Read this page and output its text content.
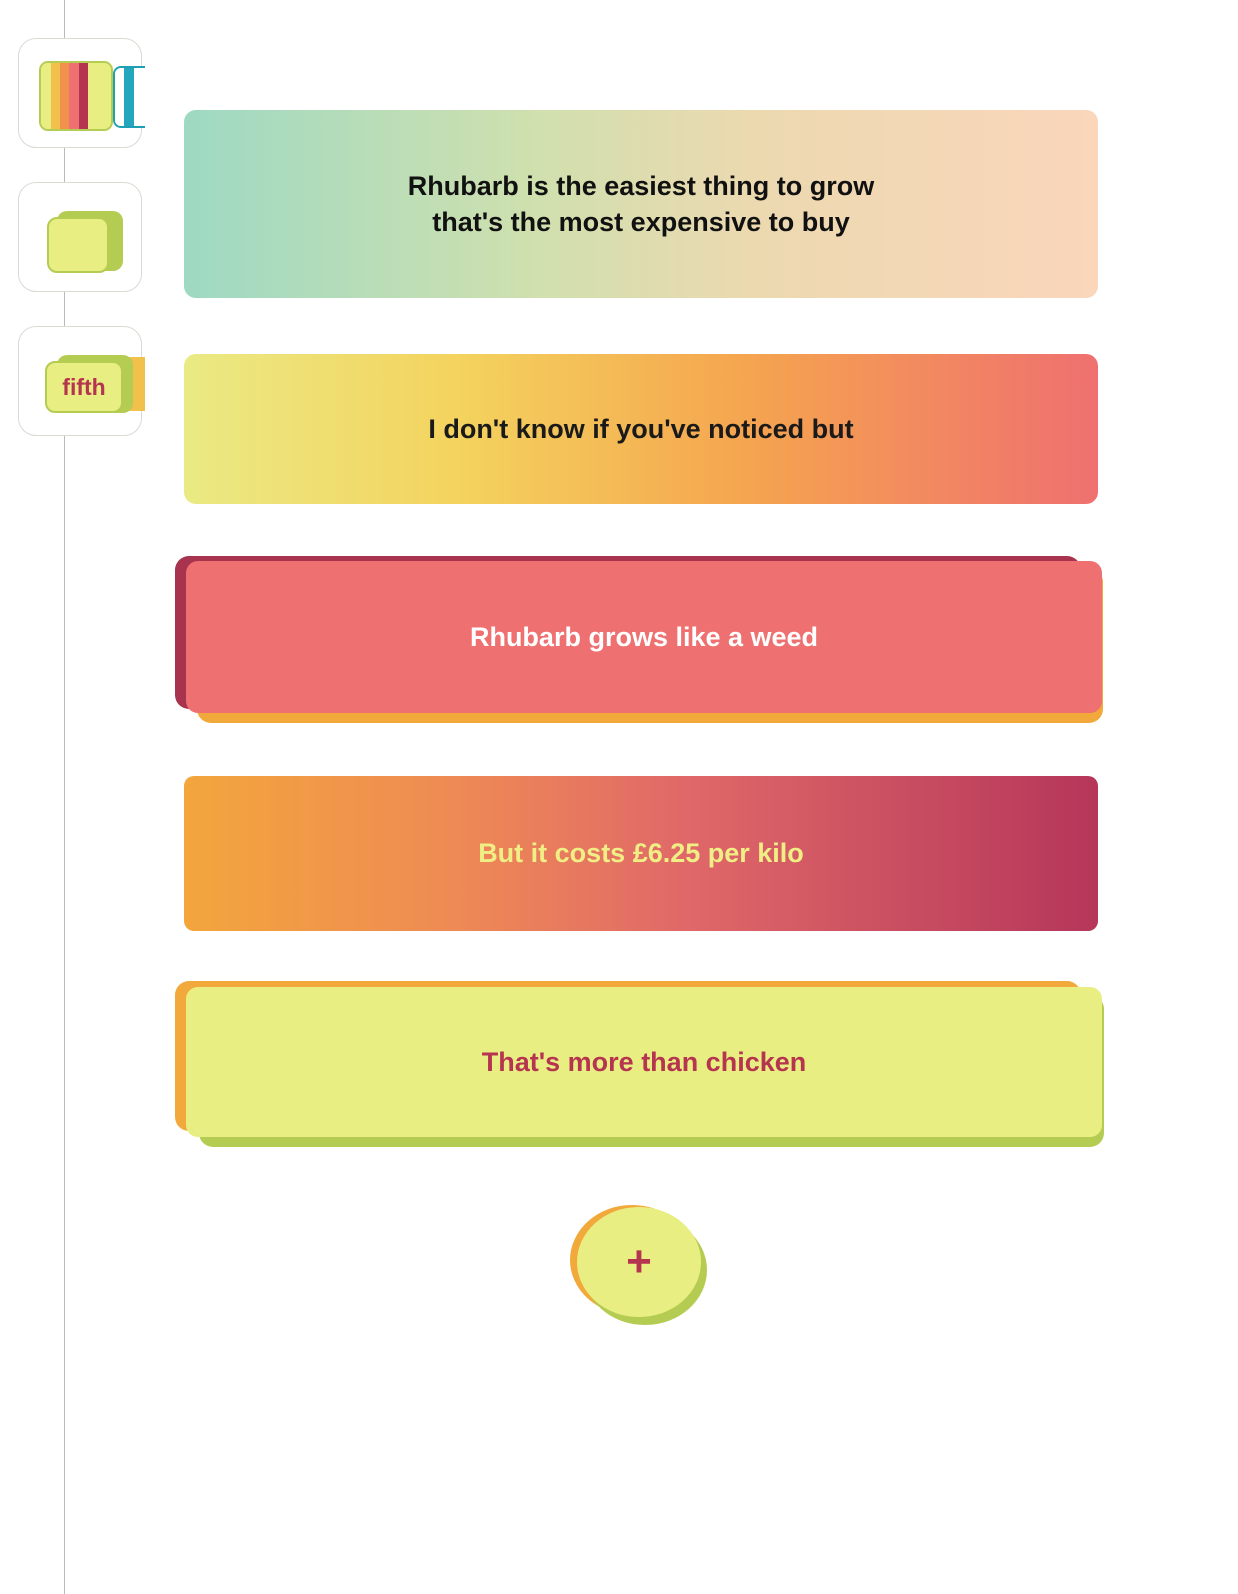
fifth
Rhubarb is the easiest thing to grow
that's the most expensive to buy
I don't know if you've noticed but
Rhubarb grows like a weed
But it costs £6.25 per kilo
That's more than chicken
+
